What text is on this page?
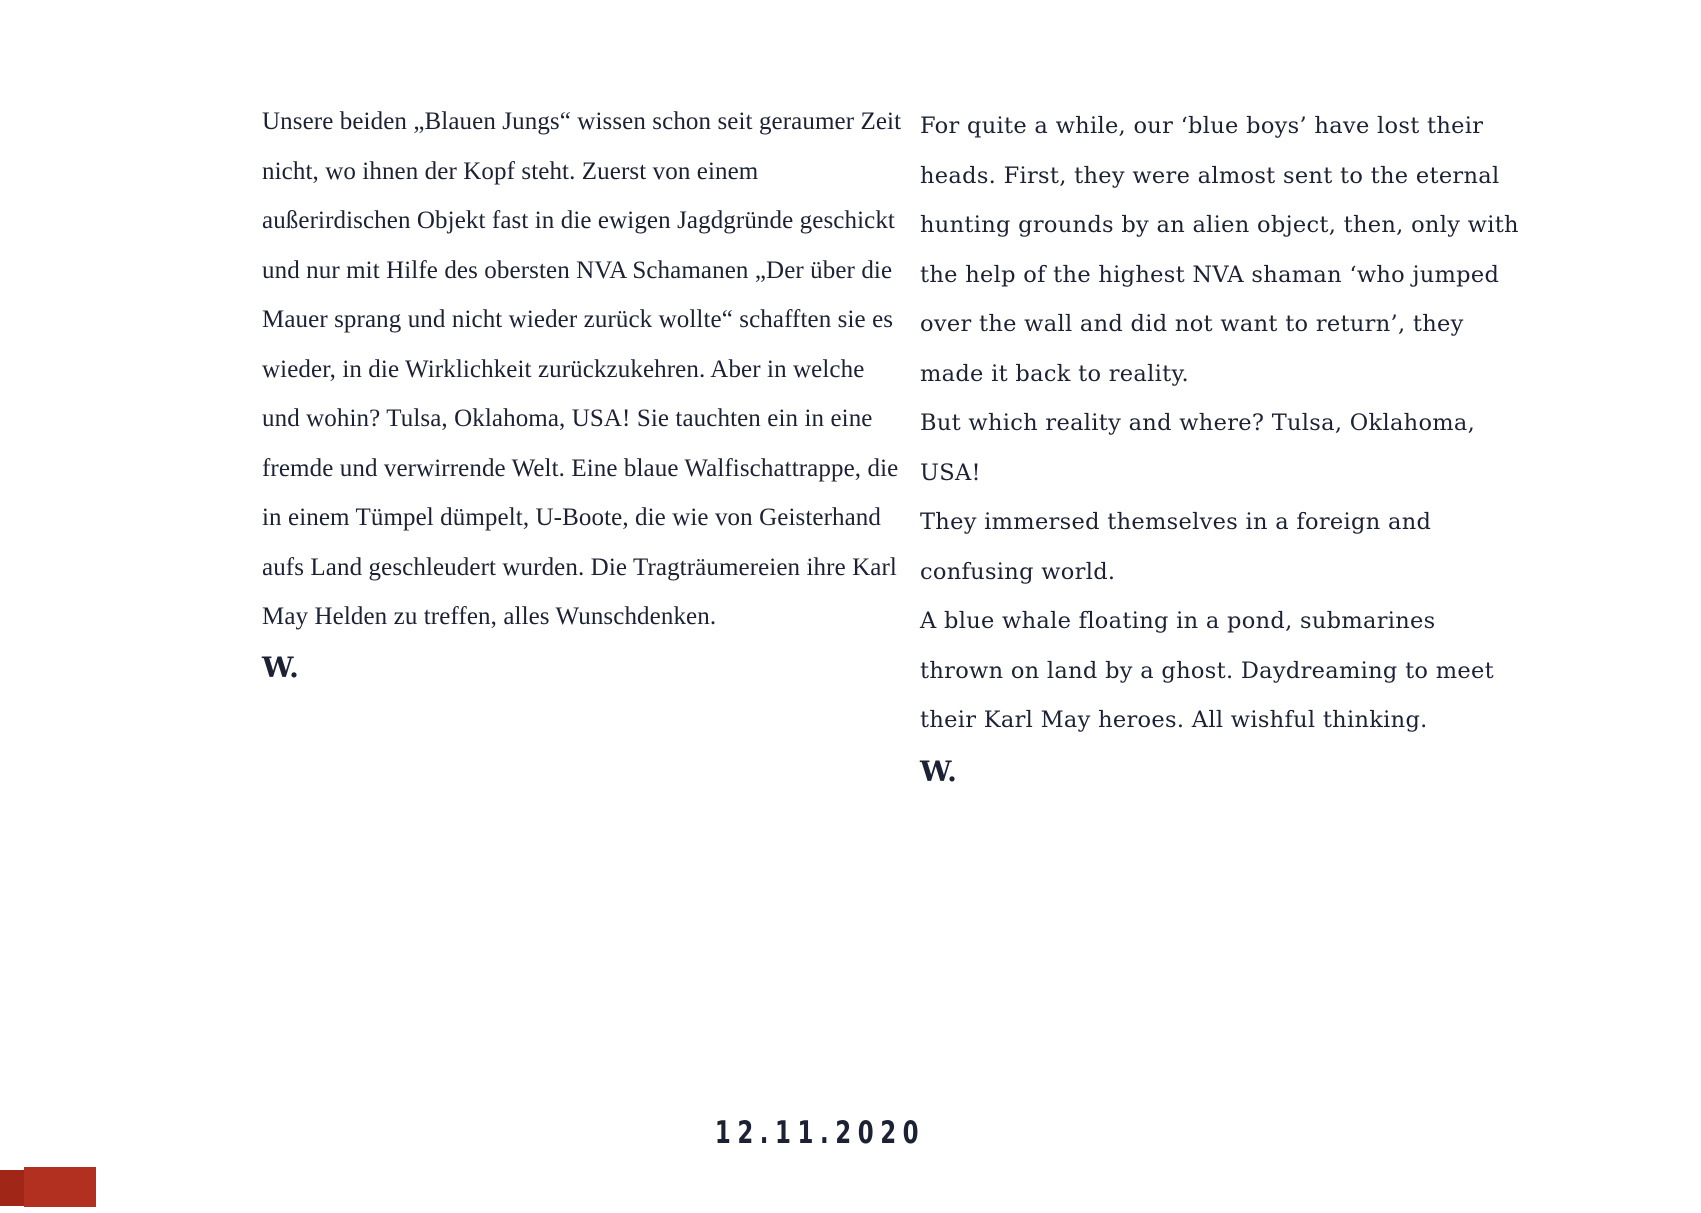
Unsere beiden „Blauen Jungs“ wissen schon seit geraumer Zeit nicht, wo ihnen der Kopf steht. Zuerst von einem außerirdischen Objekt fast in die ewigen Jagdgründe geschickt und nur mit Hilfe des obersten NVA Schamanen „Der über die Mauer sprang und nicht wieder zurück wollte“ schafften sie es wieder, in die Wirklichkeit zurückzukehren. Aber in welche und wohin? Tulsa, Oklahoma, USA! Sie tauchten ein in eine fremde und verwirrende Welt. Eine blaue Walfischattrappe, die in einem Tümpel dümpelt, U-Boote, die wie von Geisterhand aufs Land geschleudert wurden. Die Tragträumereien ihre Karl May Helden zu treffen, alles Wunschdenken.

W.

For quite a while, our ‘blue boys’ have lost their heads. First, they were almost sent to the eternal hunting grounds by an alien object, then, only with the help of the highest NVA shaman ‘who jumped over the wall and did not want to return’, they made it back to reality.

But which reality and where? Tulsa, Oklahoma, USA!

They immersed themselves in a foreign and confusing world.

A blue whale floating in a pond, submarines thrown on land by a ghost. Daydreaming to meet their Karl May heroes. All wishful thinking.

W.
12.11.2020
